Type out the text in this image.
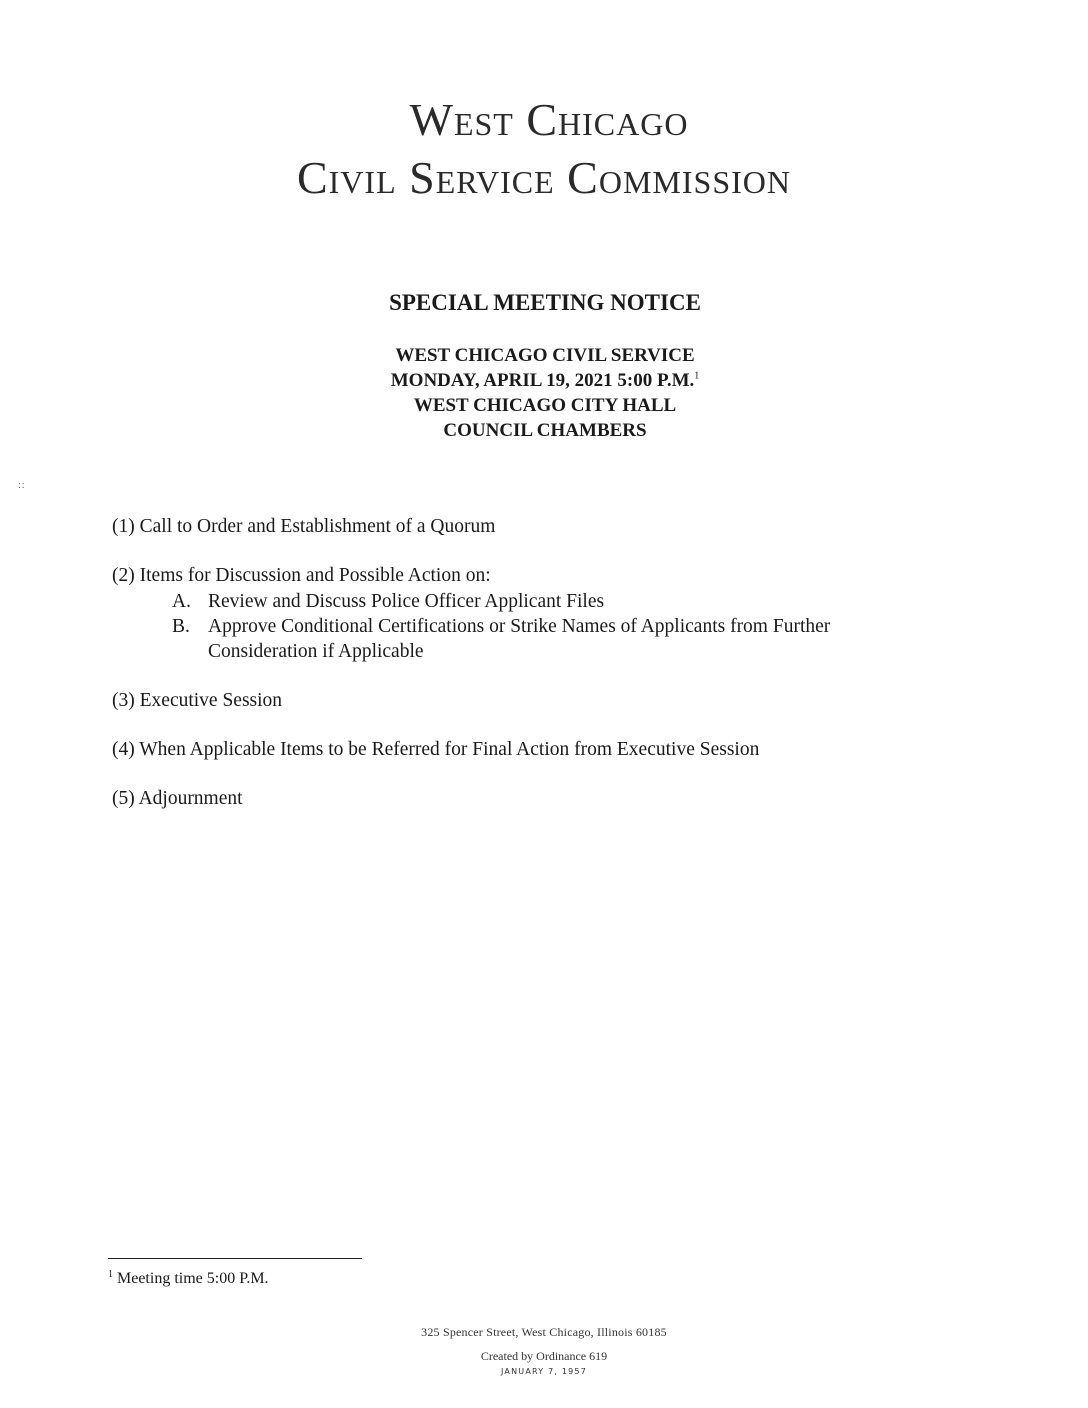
West Chicago
Civil Service Commission
SPECIAL MEETING NOTICE
WEST CHICAGO CIVIL SERVICE
MONDAY, APRIL 19, 2021 5:00 P.M.$^1$
WEST CHICAGO CITY HALL
COUNCIL CHAMBERS
::
(1) Call to Order and Establishment of a Quorum
(2) Items for Discussion and Possible Action on:
A. Review and Discuss Police Officer Applicant Files
B. Approve Conditional Certifications or Strike Names of Applicants from Further Consideration if Applicable
(3) Executive Session
(4) When Applicable Items to be Referred for Final Action from Executive Session
(5) Adjournment
$^1$ Meeting time 5:00 P.M.
325 Spencer Street, West Chicago, Illinois 60185
Created by Ordinance 619
JANUARY 7, 1957
